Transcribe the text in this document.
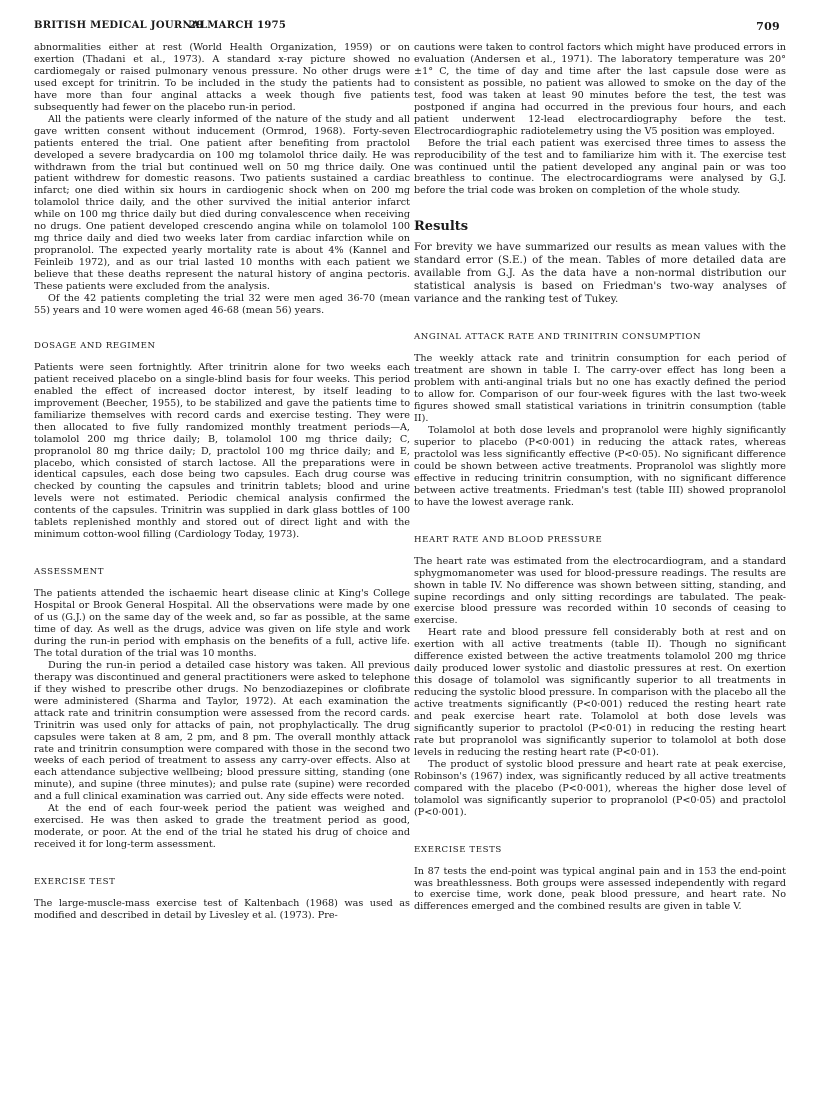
BRITISH MEDICAL JOURNAL
29 MARCH 1975	709

abnormalities either at rest (World Health Organization, 1959) or on exertion (Thadani et al., 1973). A standard x-ray picture showed no cardiomegaly or raised pulmonary venous pressure. No other drugs were used except for trinitrin. To be included in the study the patients had to have more than four anginal attacks a week though five patients subsequently had fewer on the placebo run-in period.

All the patients were clearly informed of the nature of the study and all gave written consent without inducement (Ormrod, 1968). Forty-seven patients entered the trial. One patient after benefiting from practolol developed a severe bradycardia on 100 mg tolamolol thrice daily. He was withdrawn from the trial but continued well on 50 mg thrice daily. One patient withdrew for domestic reasons. Two patients sustained a cardiac infarct; one died within six hours in cardiogenic shock when on 200 mg tolamolol thrice daily, and the other survived the initial anterior infarct while on 100 mg thrice daily but died during convalescence when receiving no drugs. One patient developed crescendo angina while on tolamolol 100 mg thrice daily and died two weeks later from cardiac infarction while on propranolol. The expected yearly mortality rate is about 4% (Kannel and Feinleib 1972), and as our trial lasted 10 months with each patient we believe that these deaths represent the natural history of angina pectoris. These patients were excluded from the analysis.

Of the 42 patients completing the trial 32 were men aged 36-70 (mean 55) years and 10 were women aged 46-68 (mean 56) years.

DOSAGE AND REGIMEN

Patients were seen fortnightly. After trinitrin alone for two weeks each patient received placebo on a single-blind basis for four weeks. This period enabled the effect of increased doctor interest, by itself leading to improvement (Beecher, 1955), to be stabilized and gave the patients time to familiarize themselves with record cards and exercise testing. They were then allocated to five fully randomized monthly treatment periods—A, tolamolol 200 mg thrice daily; B, tolamolol 100 mg thrice daily; C, propranolol 80 mg thrice daily; D, practolol 100 mg thrice daily; and E, placebo, which consisted of starch lactose. All the preparations were in identical capsules, each dose being two capsules. Each drug course was checked by counting the capsules and trinitrin tablets; blood and urine levels were not estimated. Periodic chemical analysis confirmed the contents of the capsules. Trinitrin was supplied in dark glass bottles of 100 tablets replenished monthly and stored out of direct light and with the minimum cotton-wool filling (Cardiology Today, 1973).

ASSESSMENT

The patients attended the ischaemic heart disease clinic at King's College Hospital or Brook General Hospital. All the observations were made by one of us (G.J.) on the same day of the week and, so far as possible, at the same time of day. As well as the drugs, advice was given on life style and work during the run-in period with emphasis on the benefits of a full, active life. The total duration of the trial was 10 months.

During the run-in period a detailed case history was taken. All previous therapy was discontinued and general practitioners were asked to telephone if they wished to prescribe other drugs. No benzodiazepines or clofibrate were administered (Sharma and Taylor, 1972). At each examination the attack rate and trinitrin consumption were assessed from the record cards. Trinitrin was used only for attacks of pain, not prophylactically. The drug capsules were taken at 8 am, 2 pm, and 8 pm. The overall monthly attack rate and trinitrin consumption were compared with those in the second two weeks of each period of treatment to assess any carry-over effects. Also at each attendance subjective wellbeing; blood pressure sitting, standing (one minute), and supine (three minutes); and pulse rate (supine) were recorded and a full clinical examination was carried out. Any side effects were noted.

At the end of each four-week period the patient was weighed and exercised. He was then asked to grade the treatment period as good, moderate, or poor. At the end of the trial he stated his drug of choice and received it for long-term assessment.

EXERCISE TEST

The large-muscle-mass exercise test of Kaltenbach (1968) was used as modified and described in detail by Livesley et al. (1973). Pre-

cautions were taken to control factors which might have produced errors in evaluation (Andersen et al., 1971). The laboratory temperature was 20° ±1° C, the time of day and time after the last capsule dose were as consistent as possible, no patient was allowed to smoke on the day of the test, food was taken at least 90 minutes before the test, the test was postponed if angina had occurred in the previous four hours, and each patient underwent 12-lead electrocardiography before the test. Electrocardiographic radiotelemetry using the V5 position was employed.

Before the trial each patient was exercised three times to assess the reproducibility of the test and to familiarize him with it. The exercise test was continued until the patient developed any anginal pain or was too breathless to continue. The electrocardiograms were analysed by G.J. before the trial code was broken on completion of the whole study.

Results

For brevity we have summarized our results as mean values with the standard error (S.E.) of the mean. Tables of more detailed data are available from G.J. As the data have a non-normal distribution our statistical analysis is based on Friedman's two-way analyses of variance and the ranking test of Tukey.

ANGINAL ATTACK RATE AND TRINITRIN CONSUMPTION

The weekly attack rate and trinitrin consumption for each period of treatment are shown in table I. The carry-over effect has long been a problem with anti-anginal trials but no one has exactly defined the period to allow for. Comparison of our four-week figures with the last two-week figures showed small statistical variations in trinitrin consumption (table II).

Tolamolol at both dose levels and propranolol were highly significantly superior to placebo (P<0·001) in reducing the attack rates, whereas practolol was less significantly effective (P<0·05). No significant difference could be shown between active treatments. Propranolol was slightly more effective in reducing trinitrin consumption, with no significant difference between active treatments. Friedman's test (table III) showed propranolol to have the lowest average rank.

HEART RATE AND BLOOD PRESSURE

The heart rate was estimated from the electrocardiogram, and a standard sphygmomanometer was used for blood-pressure readings. The results are shown in table IV. No difference was shown between sitting, standing, and supine recordings and only sitting recordings are tabulated. The peak-exercise blood pressure was recorded within 10 seconds of ceasing to exercise.

Heart rate and blood pressure fell considerably both at rest and on exertion with all active treatments (table II). Though no significant difference existed between the active treatments tolamolol 200 mg thrice daily produced lower systolic and diastolic pressures at rest. On exertion this dosage of tolamolol was significantly superior to all treatments in reducing the systolic blood pressure. In comparison with the placebo all the active treatments significantly (P<0·001) reduced the resting heart rate and peak exercise heart rate. Tolamolol at both dose levels was significantly superior to practolol (P<0·01) in reducing the resting heart rate but propranolol was significantly superior to tolamolol at both dose levels in reducing the resting heart rate (P<0·01).

The product of systolic blood pressure and heart rate at peak exercise, Robinson's (1967) index, was significantly reduced by all active treatments compared with the placebo (P<0·001), whereas the higher dose level of tolamolol was significantly superior to propranolol (P<0·05) and practolol (P<0·001).

EXERCISE TESTS

In 87 tests the end-point was typical anginal pain and in 153 the end-point was breathlessness. Both groups were assessed independently with regard to exercise time, work done, peak blood pressure, and heart rate. No differences emerged and the combined results are given in table V.
